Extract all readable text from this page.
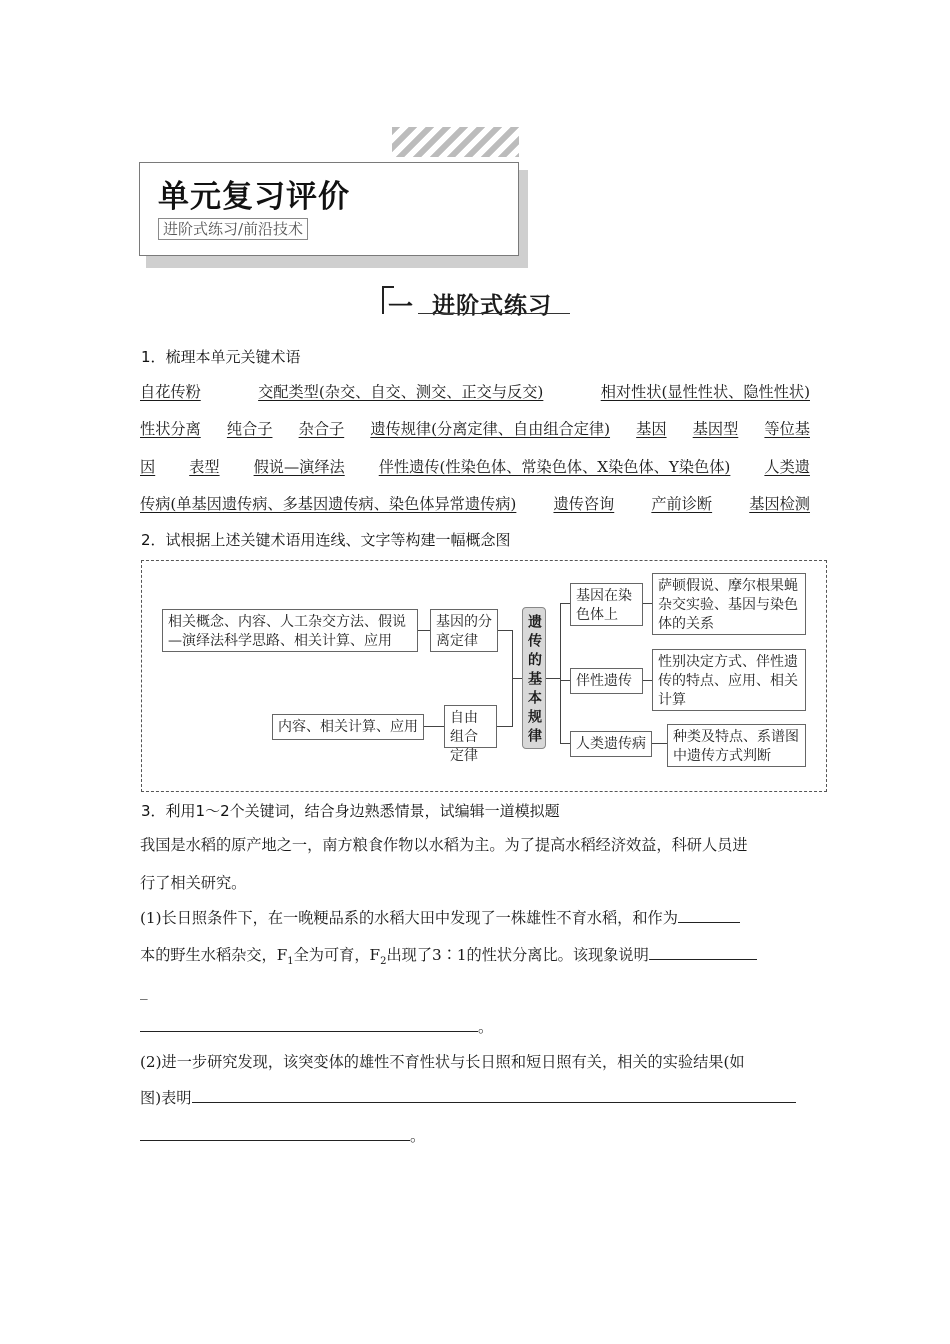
单元复习评价
进阶式练习/前沿技术
一 进阶式练习
1．梳理本单元关键术语
自花传粉	交配类型(杂交、自交、测交、正交与反交)	相对性状(显性性状、隐性性状)
性状分离 纯合子 杂合子 遗传规律(分离定律、自由组合定律) 基因 基因型 等位基
因 表型 假说—演绎法 伴性遗传(性染色体、常染色体、X染色体、Y染色体) 人类遗
传病(单基因遗传病、多基因遗传病、染色体异常遗传病) 遗传咨询 产前诊断 基因检测
2．试根据上述关键术语用连线、文字等构建一幅概念图
相关概念、内容、人工杂交方法、假说—演绎法科学思路、相关计算、应用
基因的分离定律
内容、相关计算、应用
自由组合定律
遗传的基本规律
基因在染色体上
萨顿假说、摩尔根果蝇杂交实验、基因与染色体的关系
伴性遗传
性别决定方式、伴性遗传的特点、应用、相关计算
人类遗传病	种类及特点、系谱图中遗传方式判断
3．利用1～2个关键词，结合身边熟悉情景，试编辑一道模拟题
我国是水稻的原产地之一，南方粮食作物以水稻为主。为了提高水稻经济效益，科研人员进
行了相关研究。
(1)长日照条件下，在一晚粳品系的水稻大田中发现了一株雄性不育水稻，和作为
本的野生水稻杂交，$F_1$全为可育，$F_2$出现了3∶1的性状分离比。该现象说明
_
。
(2)进一步研究发现，该突变体的雄性不育性状与长日照和短日照有关，相关的实验结果(如
图)表明
。
